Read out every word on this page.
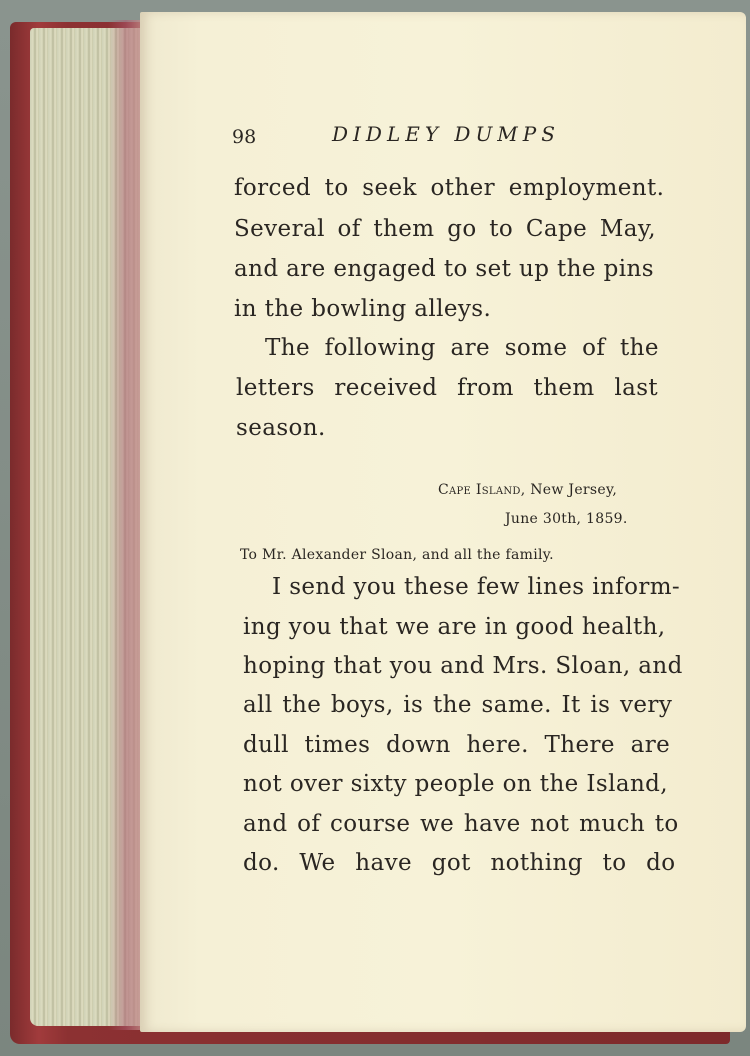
98	DIDLEY DUMPS
forced to seek other employment.
Several of them go to Cape May,
and are engaged to set up the pins
in the bowling alleys.
The following are some of the
letters received from them last
season.
Cape Island, New Jersey,
June 30th, 1859.
To Mr. Alexander Sloan, and all the family.
I send you these few lines inform-
ing you that we are in good health,
hoping that you and Mrs. Sloan, and
all the boys, is the same. It is very
dull times down here. There are
not over sixty people on the Island,
and of course we have not much to
do. We have got nothing to do
